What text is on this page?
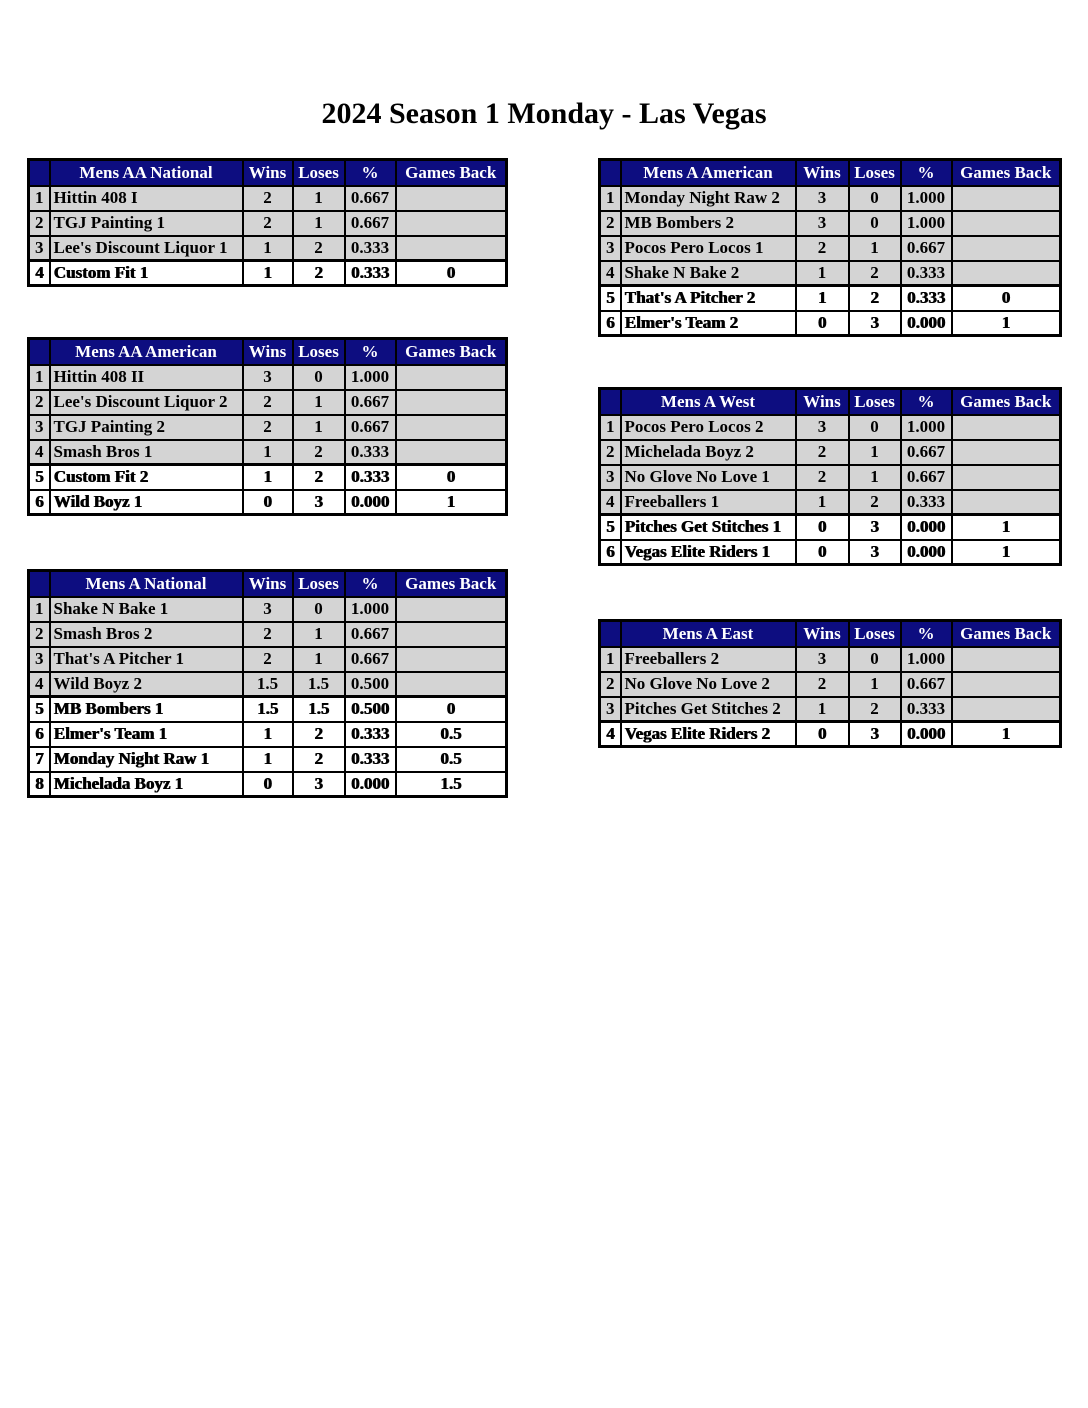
2024 Season 1 Monday - Las Vegas
	Mens AA National	Wins	Loses	%	Games Back
1	Hittin 408 I	2	1	0.667	
2	TGJ Painting 1	2	1	0.667	
3	Lee's Discount Liquor 1	1	2	0.333	
4	Custom Fit 1	1	2	0.333	0
	Mens AA American	Wins	Loses	%	Games Back
1	Hittin 408 II	3	0	1.000	
2	Lee's Discount Liquor 2	2	1	0.667	
3	TGJ Painting 2	2	1	0.667	
4	Smash Bros 1	1	2	0.333	
5	Custom Fit 2	1	2	0.333	0
6	Wild Boyz 1	0	3	0.000	1
	Mens A National	Wins	Loses	%	Games Back
1	Shake N Bake 1	3	0	1.000	
2	Smash Bros 2	2	1	0.667	
3	That's A Pitcher 1	2	1	0.667	
4	Wild Boyz 2	1.5	1.5	0.500	
5	MB Bombers 1	1.5	1.5	0.500	0
6	Elmer's Team 1	1	2	0.333	0.5
7	Monday Night Raw 1	1	2	0.333	0.5
8	Michelada Boyz 1	0	3	0.000	1.5
	Mens A American	Wins	Loses	%	Games Back
1	Monday Night Raw 2	3	0	1.000	
2	MB Bombers 2	3	0	1.000	
3	Pocos Pero Locos 1	2	1	0.667	
4	Shake N Bake 2	1	2	0.333	
5	That's A Pitcher 2	1	2	0.333	0
6	Elmer's Team 2	0	3	0.000	1
	Mens A West	Wins	Loses	%	Games Back
1	Pocos Pero Locos 2	3	0	1.000	
2	Michelada Boyz 2	2	1	0.667	
3	No Glove No Love 1	2	1	0.667	
4	Freeballers 1	1	2	0.333	
5	Pitches Get Stitches 1	0	3	0.000	1
6	Vegas Elite Riders 1	0	3	0.000	1
	Mens A East	Wins	Loses	%	Games Back
1	Freeballers 2	3	0	1.000	
2	No Glove No Love 2	2	1	0.667	
3	Pitches Get Stitches 2	1	2	0.333	
4	Vegas Elite Riders 2	0	3	0.000	1
